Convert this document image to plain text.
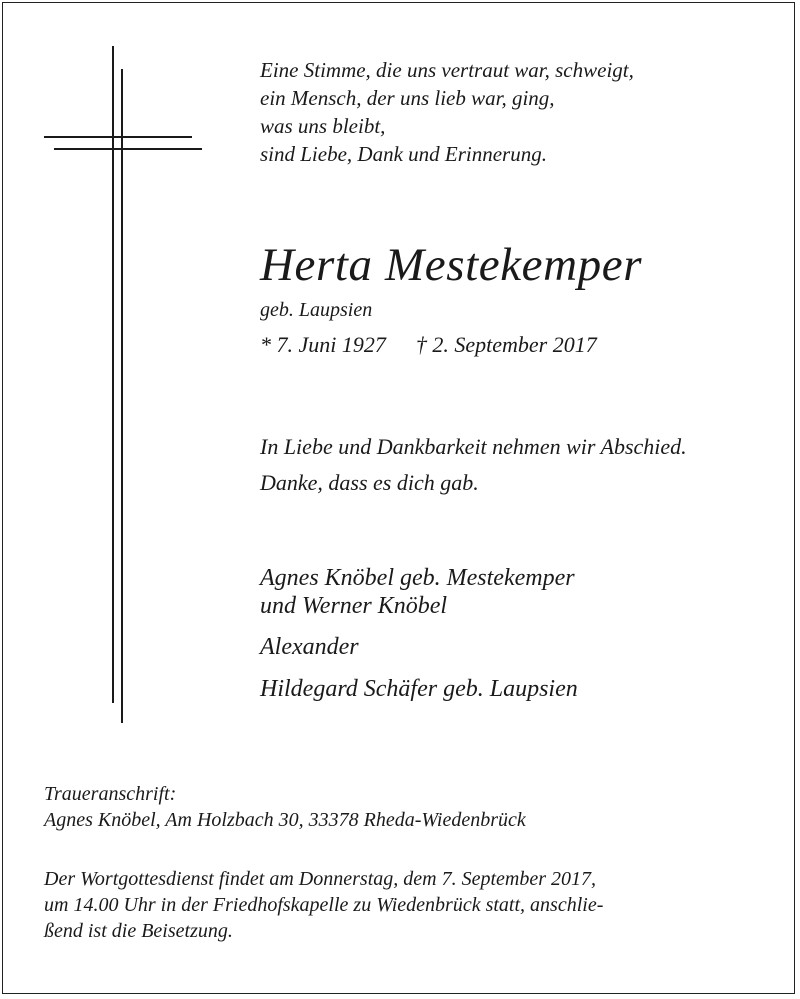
Eine Stimme, die uns vertraut war, schweigt,
ein Mensch, der uns lieb war, ging,
was uns bleibt,
sind Liebe, Dank und Erinnerung.
Herta Mestekemper
geb. Laupsien
* 7. Juni 1927 † 2. September 2017
In Liebe und Dankbarkeit nehmen wir Abschied.
Danke, dass es dich gab.
Agnes Knöbel geb. Mestekemper
und Werner Knöbel
Alexander
Hildegard Schäfer geb. Laupsien
Traueranschrift:
Agnes Knöbel, Am Holzbach 30, 33378 Rheda-Wiedenbrück
Der Wortgottesdienst findet am Donnerstag, dem 7. September 2017,
um 14.00 Uhr in der Friedhofskapelle zu Wiedenbrück statt, anschlie-
ßend ist die Beisetzung.
